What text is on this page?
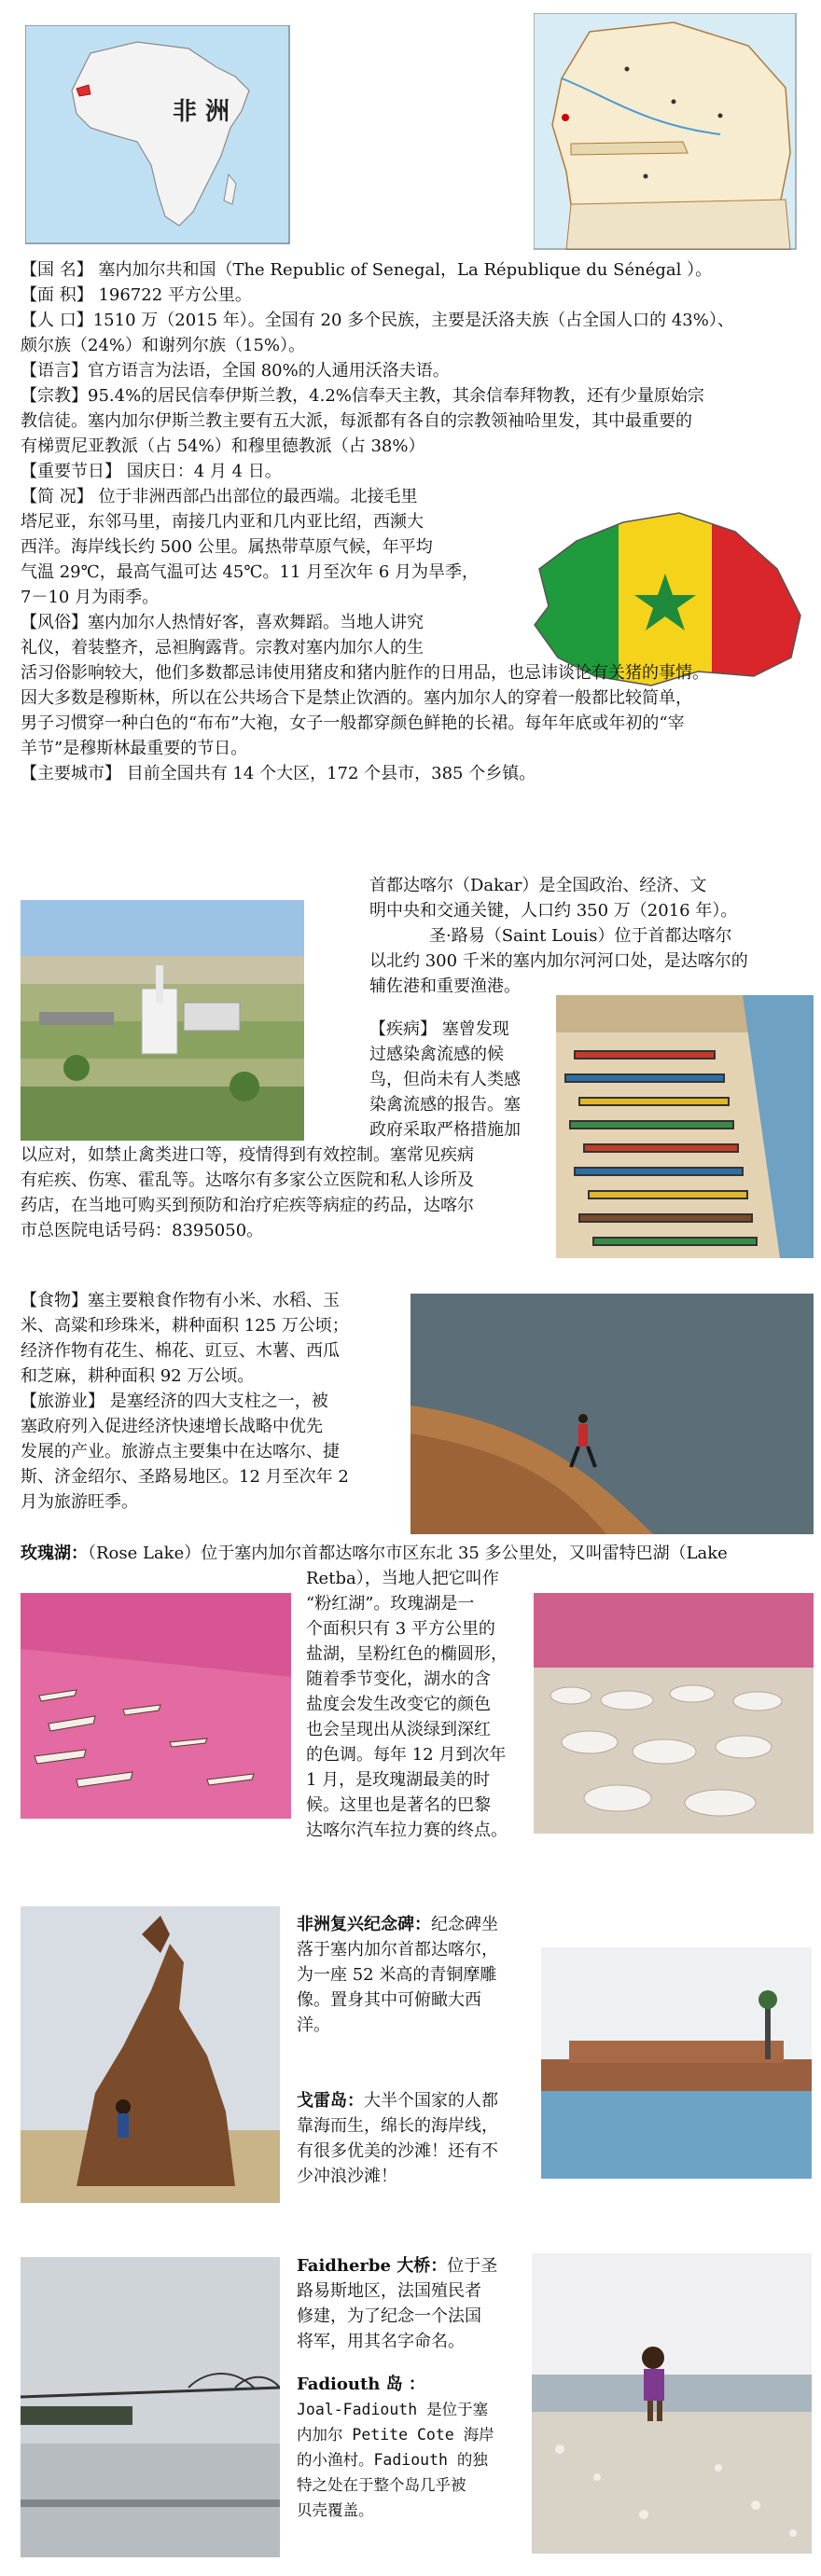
非 洲
【国 名】 塞内加尔共和国（The Republic of Senegal，La République du Sénégal ）。
【面 积】 196722 平方公里。
【人 口】1510 万（2015 年）。全国有 20 多个民族，主要是沃洛夫族（占全国人口的 43%）、
颇尔族（24%）和谢列尔族（15%）。
【语言】官方语言为法语，全国 80%的人通用沃洛夫语。
【宗教】95.4%的居民信奉伊斯兰教，4.2%信奉天主教，其余信奉拜物教，还有少量原始宗
教信徒。塞内加尔伊斯兰教主要有五大派，每派都有各自的宗教领袖哈里发，其中最重要的
有梯贾尼亚教派（占 54%）和穆里德教派（占 38%）
【重要节日】 国庆日：4 月 4 日。
【简 况】 位于非洲西部凸出部位的最西端。北接毛里
塔尼亚，东邻马里，南接几内亚和几内亚比绍，西濒大
西洋。海岸线长约 500 公里。属热带草原气候，年平均
气温 29℃，最高气温可达 45℃。11 月至次年 6 月为旱季，
7－10 月为雨季。
【风俗】塞内加尔人热情好客，喜欢舞蹈。当地人讲究
礼仪，着装整齐，忌袒胸露背。宗教对塞内加尔人的生
活习俗影响较大，他们多数都忌讳使用猪皮和猪内脏作的日用品，也忌讳谈论有关猪的事情。
因大多数是穆斯林，所以在公共场合下是禁止饮酒的。塞内加尔人的穿着一般都比较简单，
男子习惯穿一种白色的“布布”大袍，女子一般都穿颜色鲜艳的长裙。每年年底或年初的“宰
羊节”是穆斯林最重要的节日。
【主要城市】 目前全国共有 14 个大区，172 个县市，385 个乡镇。
首都达喀尔（Dakar）是全国政治、经济、文
明中央和交通关键，人口约 350 万（2016 年）。
圣·路易（Saint Louis）位于首都达喀尔
以北约 300 千米的塞内加尔河河口处，是达喀尔的
辅佐港和重要渔港。
【疾病】 塞曾发现
过感染禽流感的候
鸟，但尚未有人类感
染禽流感的报告。塞
政府采取严格措施加
以应对，如禁止禽类进口等，疫情得到有效控制。塞常见疾病
有疟疾、伤寒、霍乱等。达喀尔有多家公立医院和私人诊所及
药店，在当地可购买到预防和治疗疟疾等病症的药品，达喀尔
市总医院电话号码：8395050。
【食物】塞主要粮食作物有小米、水稻、玉
米、高粱和珍珠米，耕种面积 125 万公顷；
经济作物有花生、棉花、豇豆、木薯、西瓜
和芝麻，耕种面积 92 万公顷。
【旅游业】 是塞经济的四大支柱之一，被
塞政府列入促进经济快速增长战略中优先
发展的产业。旅游点主要集中在达喀尔、捷
斯、济金绍尔、圣路易地区。12 月至次年 2
月为旅游旺季。
玫瑰湖：（Rose Lake）位于塞内加尔首都达喀尔市区东北 35 多公里处，又叫雷特巴湖（Lake
Retba），当地人把它叫作
“粉红湖”。玫瑰湖是一
个面积只有 3 平方公里的
盐湖，呈粉红色的椭圆形，
随着季节变化，湖水的含
盐度会发生改变它的颜色
也会呈现出从淡绿到深红
的色调。每年 12 月到次年
1 月，是玫瑰湖最美的时
候。这里也是著名的巴黎
达喀尔汽车拉力赛的终点。
非洲复兴纪念碑：纪念碑坐
落于塞内加尔首都达喀尔，
为一座 52 米高的青铜摩雕
像。置身其中可俯瞰大西
洋。
戈雷岛：大半个国家的人都
靠海而生，绵长的海岸线，
有很多优美的沙滩！还有不
少冲浪沙滩！
Faidherbe 大桥：位于圣
路易斯地区，法国殖民者
修建，为了纪念一个法国
将军，用其名字命名。
Fadiouth 岛 ：
Joal-Fadiouth 是位于塞
内加尔 Petite Cote 海岸
的小渔村。Fadiouth 的独
特之处在于整个岛几乎被
贝壳覆盖。
